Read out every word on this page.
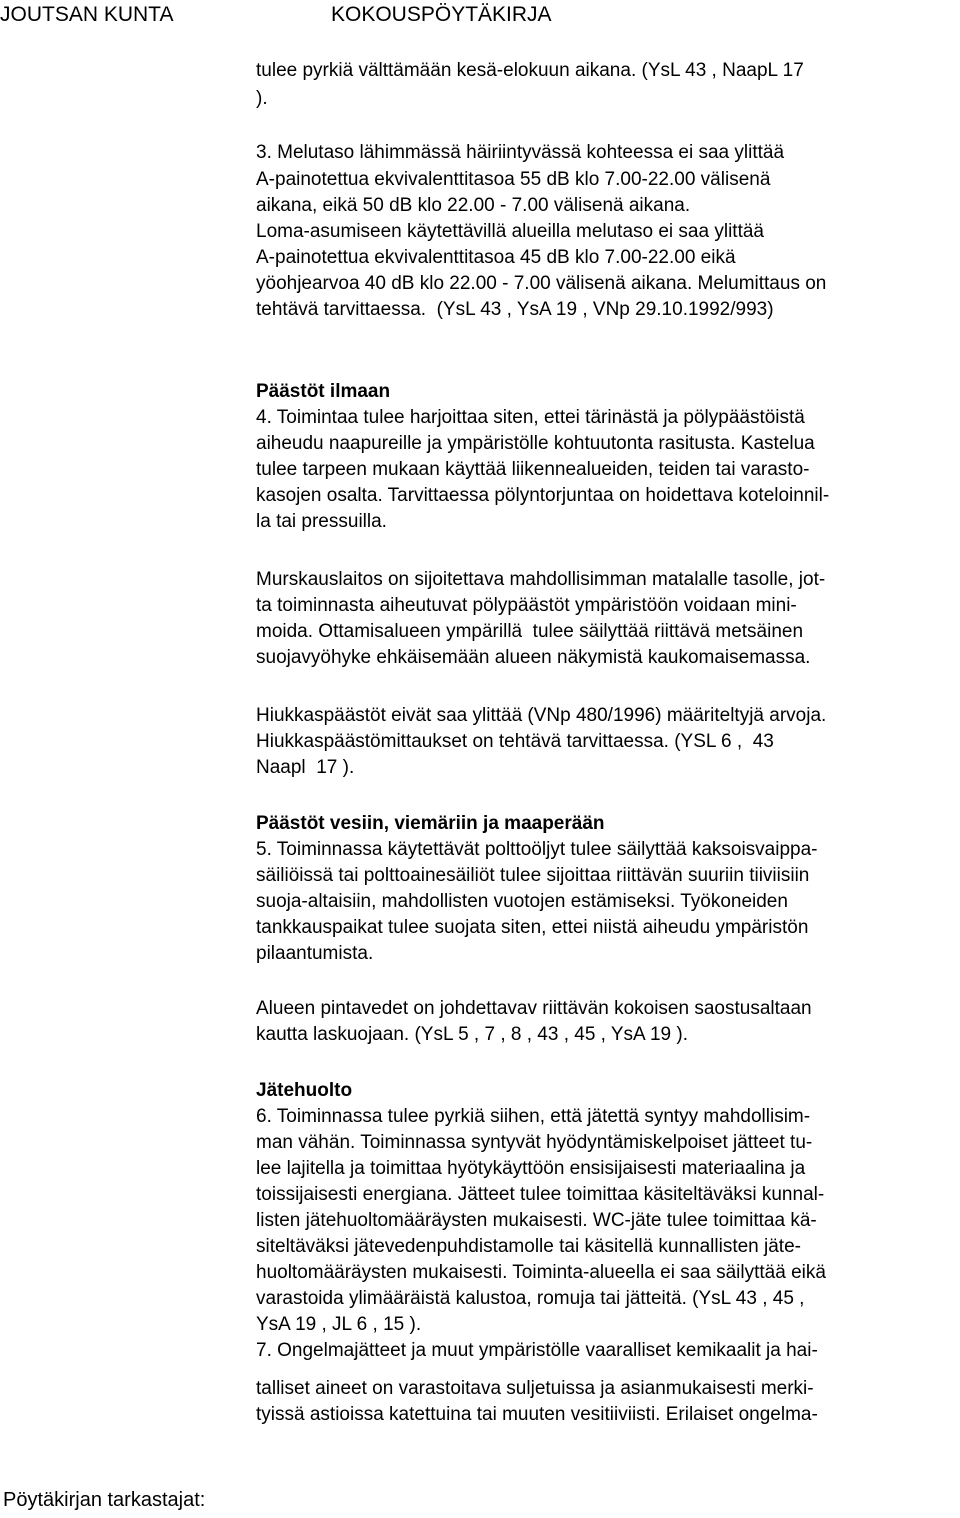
JOUTSAN KUNTA	KOKOUSPÖYTÄKIRJA
tulee pyrkiä välttämään kesä-elokuun aikana. (YsL 43 , NaapL 17
).
3. Melutaso lähimmässä häiriintyvässä kohteessa ei saa ylittää
A-painotettua ekvivalenttitasoa 55 dB klo 7.00-22.00 välisenä
aikana, eikä 50 dB klo 22.00 - 7.00 välisenä aikana.
Loma-asumiseen käytettävillä alueilla melutaso ei saa ylittää
A-painotettua ekvivalenttitasoa 45 dB klo 7.00-22.00 eikä
yöohjearvoa 40 dB klo 22.00 - 7.00 välisenä aikana. Melumittaus on
tehtävä tarvittaessa.  (YsL 43 , YsA 19 , VNp 29.10.1992/993)
Päästöt ilmaan
4. Toimintaa tulee harjoittaa siten, ettei tärinästä ja pölypäästöistä
aiheudu naapureille ja ympäristölle kohtuutonta rasitusta. Kastelua
tulee tarpeen mukaan käyttää liikennealueiden, teiden tai varasto-
kasojen osalta. Tarvittaessa pölyntorjuntaa on hoidettava koteloinnil-
la tai pressuilla.
Murskauslaitos on sijoitettava mahdollisimman matalalle tasolle, jot-
ta toiminnasta aiheutuvat pölypäästöt ympäristöön voidaan mini-
moida. Ottamisalueen ympärillä  tulee säilyttää riittävä metsäinen
suojavyöhyke ehkäisemään alueen näkymistä kaukomaisemassa.
Hiukkaspäästöt eivät saa ylittää (VNp 480/1996) määriteltyjä arvoja.
Hiukkaspäästömittaukset on tehtävä tarvittaessa. (YSL 6 ,  43
Naapl  17 ).
Päästöt vesiin, viemäriin ja maaperään
5. Toiminnassa käytettävät polttoöljyt tulee säilyttää kaksoisvaippa-
säiliöissä tai polttoainesäiliöt tulee sijoittaa riittävän suuriin tiiviisiin
suoja-altaisiin, mahdollisten vuotojen estämiseksi. Työkoneiden
tankkauspaikat tulee suojata siten, ettei niistä aiheudu ympäristön
pilaantumista.
Alueen pintavedet on johdettavav riittävän kokoisen saostusaltaan
kautta laskuojaan. (YsL 5 , 7 , 8 , 43 , 45 , YsA 19 ).
Jätehuolto
6. Toiminnassa tulee pyrkiä siihen, että jätettä syntyy mahdollisim-
man vähän. Toiminnassa syntyvät hyödyntämiskelpoiset jätteet tu-
lee lajitella ja toimittaa hyötykäyttöön ensisijaisesti materiaalina ja
toissijaisesti energiana. Jätteet tulee toimittaa käsiteltäväksi kunnal-
listen jätehuoltomääräysten mukaisesti. WC-jäte tulee toimittaa kä-
siteltäväksi jätevedenpuhdistamolle tai käsitellä kunnallisten jäte-
huoltomääräysten mukaisesti. Toiminta-alueella ei saa säilyttää eikä
varastoida ylimääräistä kalustoa, romuja tai jätteitä. (YsL 43 , 45 ,
YsA 19 , JL 6 , 15 ).
7. Ongelmajätteet ja muut ympäristölle vaaralliset kemikaalit ja hai-
talliset aineet on varastoitava suljetuissa ja asianmukaisesti merki-
tyissä astioissa katettuina tai muuten vesitiiviisti. Erilaiset ongelma-
Pöytäkirjan tarkastajat:
